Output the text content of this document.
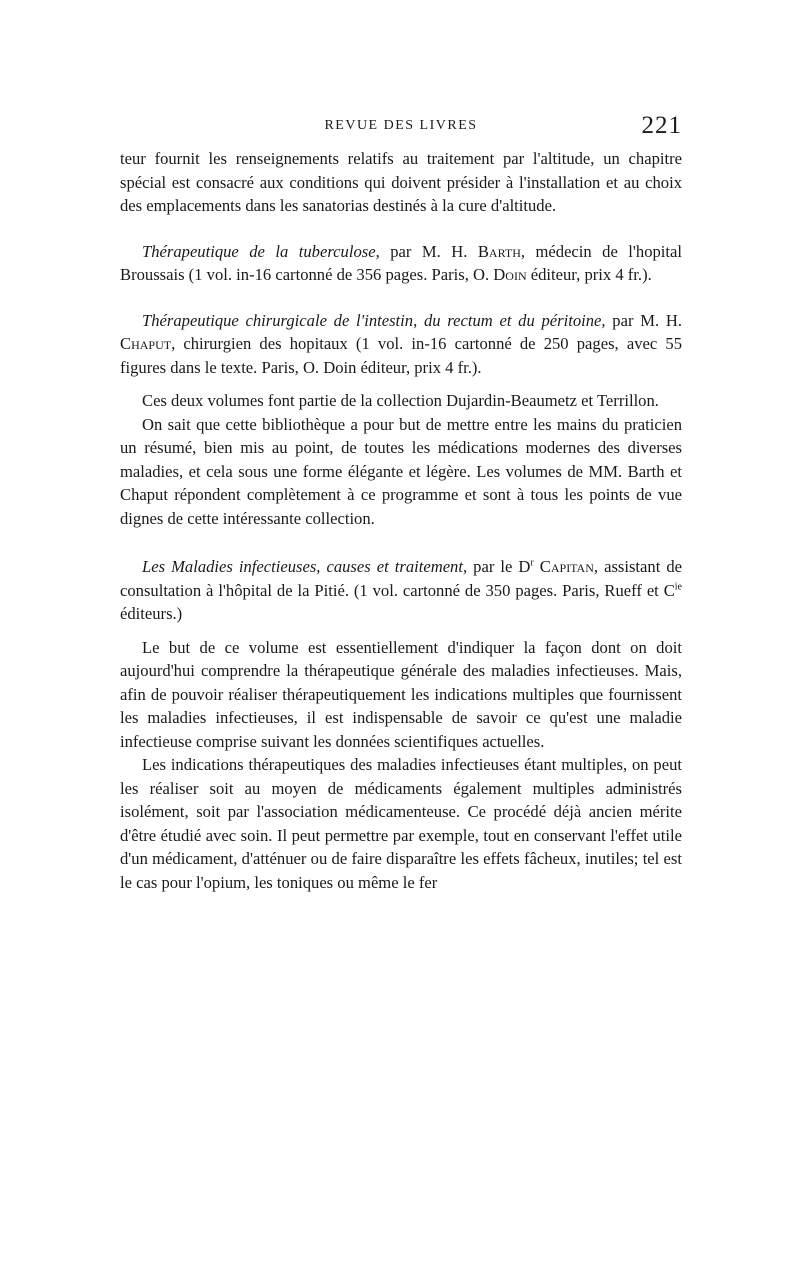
REVUE DES LIVRES	221

teur fournit les renseignements relatifs au traitement par l'altitude, un chapitre spécial est consacré aux conditions qui doivent présider à l'installation et au choix des emplacements dans les sanatorias destinés à la cure d'altitude.

Thérapeutique de la tuberculose, par M. H. Barth, médecin de l'hopital Broussais (1 vol. in-16 cartonné de 356 pages. Paris, O. Doin éditeur, prix 4 fr.).

Thérapeutique chirurgicale de l'intestin, du rectum et du péritoine, par M. H. Chaput, chirurgien des hopitaux (1 vol. in-16 cartonné de 250 pages, avec 55 figures dans le texte. Paris, O. Doin éditeur, prix 4 fr.).

Ces deux volumes font partie de la collection Dujardin-Beaumetz et Terrillon.

On sait que cette bibliothèque a pour but de mettre entre les mains du praticien un résumé, bien mis au point, de toutes les médications modernes des diverses maladies, et cela sous une forme élégante et légère. Les volumes de MM. Barth et Chaput répondent complètement à ce programme et sont à tous les points de vue dignes de cette intéressante collection.

Les Maladies infectieuses, causes et traitement, par le $D^r$ Capitan, assistant de consultation à l'hôpital de la Pitié. (1 vol. cartonné de 350 pages. Paris, Rueff et $C^{ie}$ éditeurs.)

Le but de ce volume est essentiellement d'indiquer la façon dont on doit aujourd'hui comprendre la thérapeutique générale des maladies infectieuses. Mais, afin de pouvoir réaliser thérapeutiquement les indications multiples que fournissent les maladies infectieuses, il est indispensable de savoir ce qu'est une maladie infectieuse comprise suivant les données scientifiques actuelles.

Les indications thérapeutiques des maladies infectieuses étant multiples, on peut les réaliser soit au moyen de médicaments également multiples administrés isolément, soit par l'association médicamenteuse. Ce procédé déjà ancien mérite d'être étudié avec soin. Il peut permettre par exemple, tout en conservant l'effet utile d'un médicament, d'atténuer ou de faire disparaître les effets fâcheux, inutiles; tel est le cas pour l'opium, les toniques ou même le fer
